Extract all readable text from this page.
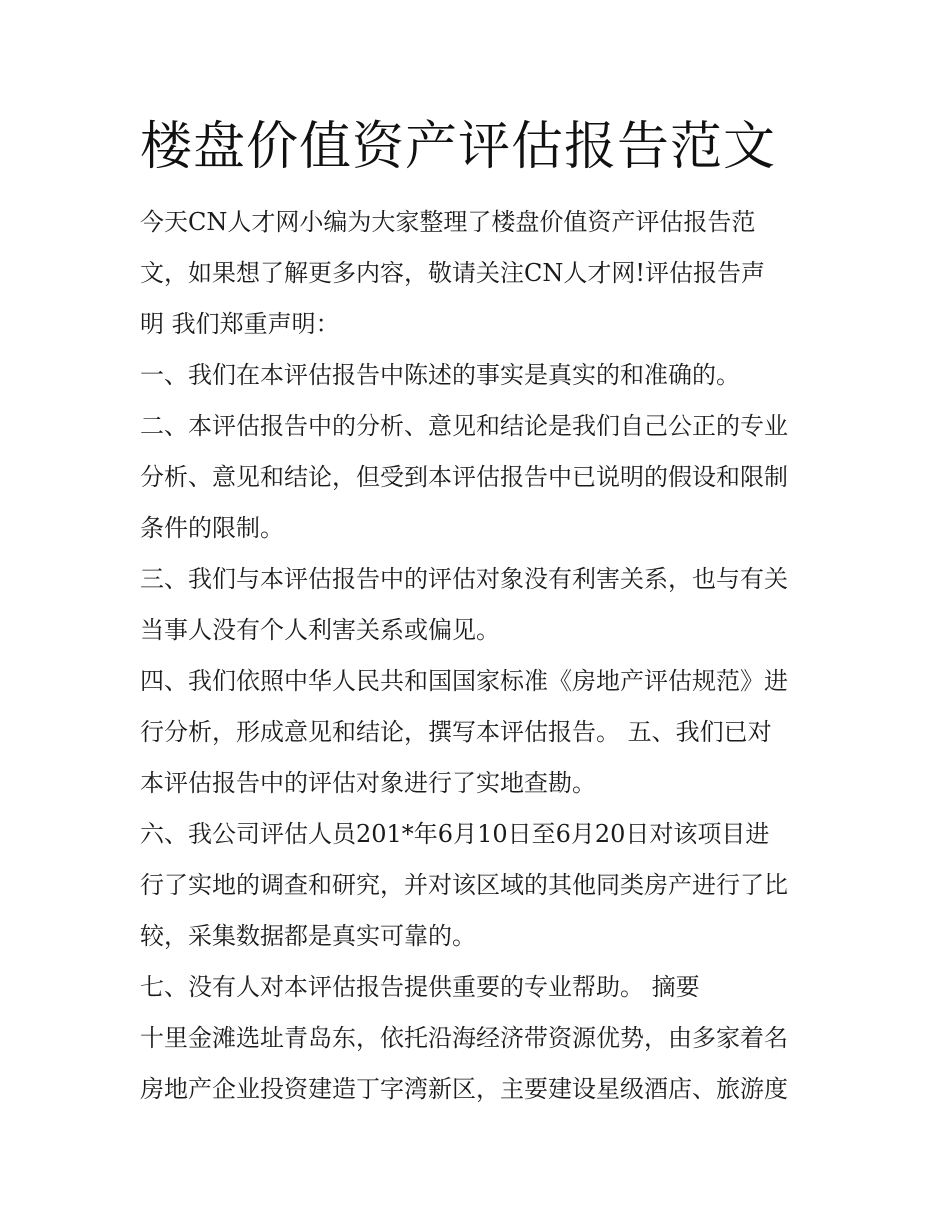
楼盘价值资产评估报告范文

今天CN人才网小编为大家整理了楼盘价值资产评估报告范

文，如果想了解更多内容，敬请关注CN人才网!评估报告声

明 我们郑重声明：

一、我们在本评估报告中陈述的事实是真实的和准确的。

二、本评估报告中的分析、意见和结论是我们自己公正的专业

分析、意见和结论，但受到本评估报告中已说明的假设和限制

条件的限制。

三、我们与本评估报告中的评估对象没有利害关系，也与有关

当事人没有个人利害关系或偏见。

四、我们依照中华人民共和国国家标准《房地产评估规范》进

行分析，形成意见和结论，撰写本评估报告。 五、我们已对

本评估报告中的评估对象进行了实地查勘。

六、我公司评估人员201*年6月10日至6月20日对该项目进

行了实地的调查和研究，并对该区域的其他同类房产进行了比

较，采集数据都是真实可靠的。

七、没有人对本评估报告提供重要的专业帮助。 摘要

十里金滩选址青岛东，依托沿海经济带资源优势，由多家着名

房地产企业投资建造丁字湾新区，主要建设星级酒店、旅游度
